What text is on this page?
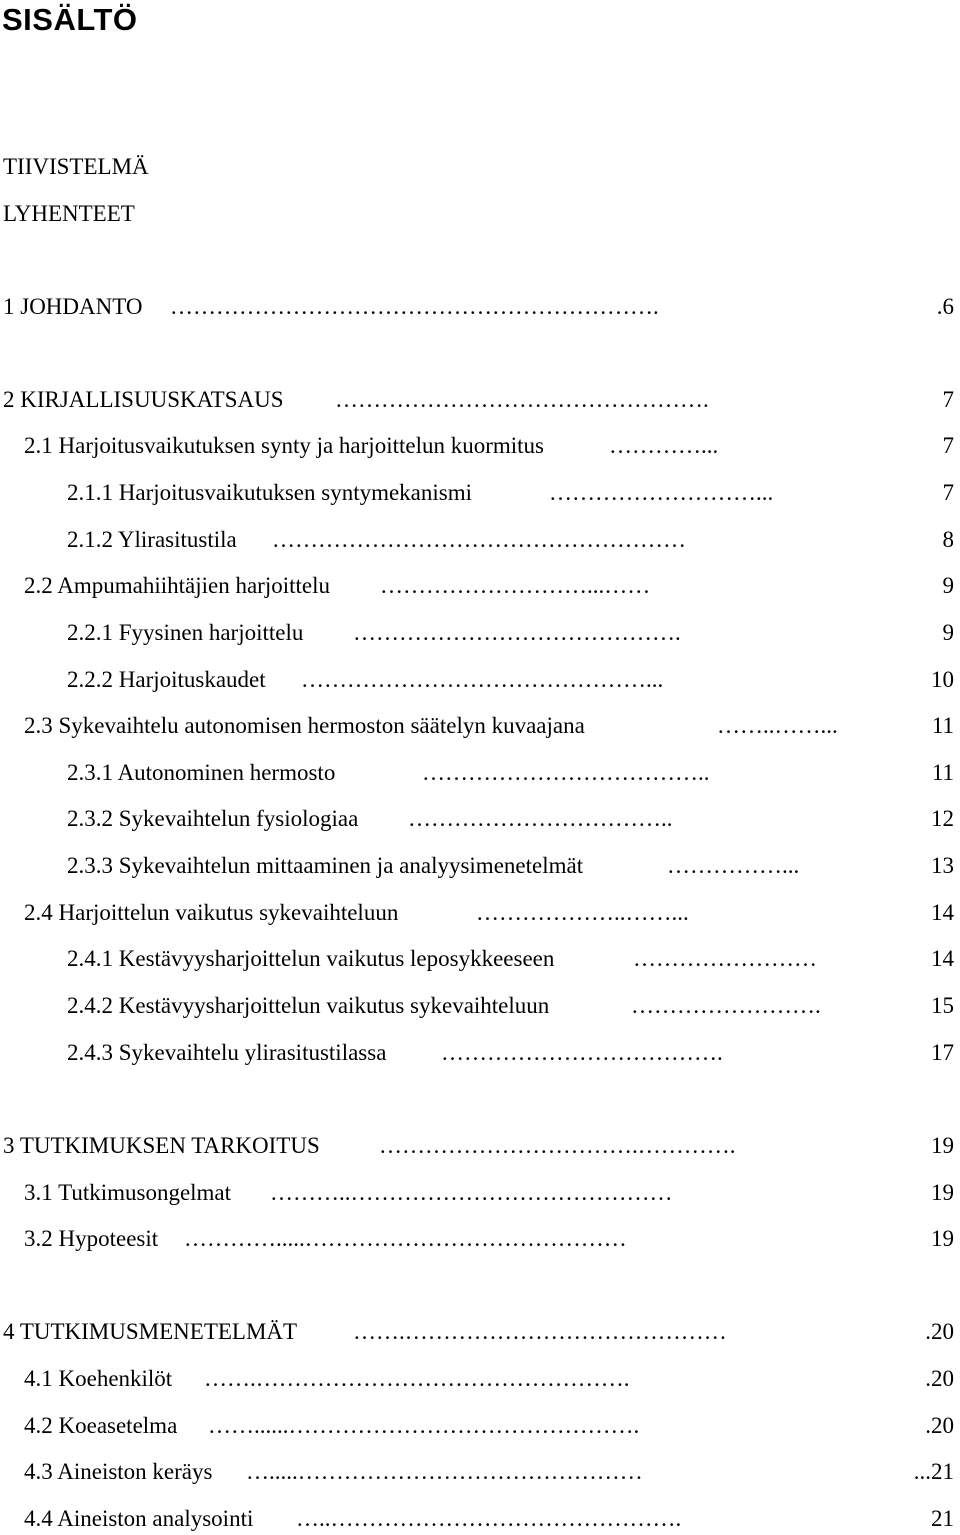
SISÄLTÖ
TIIVISTELMÄ
LYHENTEET
1 JOHDANTO ……………………………………………………….	.6
2 KIRJALLISUUSKATSAUS ………………………………………….	7
2.1 Harjoitusvaikutuksen synty ja harjoittelun kuormitus	…………...	7
2.1.1 Harjoitusvaikutuksen syntymekanismi	………………………...	7
2.1.2 Ylirasitustila ………………………………………………	8
2.2 Ampumahiihtäjien harjoittelu ………………………...……	9
2.2.1 Fyysinen harjoittelu …………………………………….	9
2.2.2 Harjoituskaudet ………………………………………...	10
2.3 Sykevaihtelu autonomisen hermoston säätelyn kuvaajana	……..……...	11
2.3.1 Autonominen hermosto	………………………………..	11
2.3.2 Sykevaihtelun fysiologiaa ……………………………..	12
2.3.3 Sykevaihtelun mittaaminen ja analyysimenetelmät	……………...	13
2.4 Harjoittelun vaikutus sykevaihteluun	………………..……...	14
2.4.1 Kestävyysharjoittelun vaikutus leposykkeeseen	……………………	14
2.4.2 Kestävyysharjoittelun vaikutus sykevaihteluun	…………………….	15
2.4.3 Sykevaihtelu ylirasitustilassa ……………………………….	17
3 TUTKIMUKSEN TARKOITUS	…………………………….………….	19
3.1 Tutkimusongelmat ………..……………………………………	19
3.2 Hypoteesit ………….....……………………………………	19
4 TUTKIMUSMENETELMÄT …….……………………………………	.20
4.1 Koehenkilöt …….………………………………………….	.20
4.2 Koeasetelma ……......……………………………………….	.20
4.3 Aineiston keräys ….....………………………………………	...21
4.4 Aineiston analysointi …..……………………………………….	21
